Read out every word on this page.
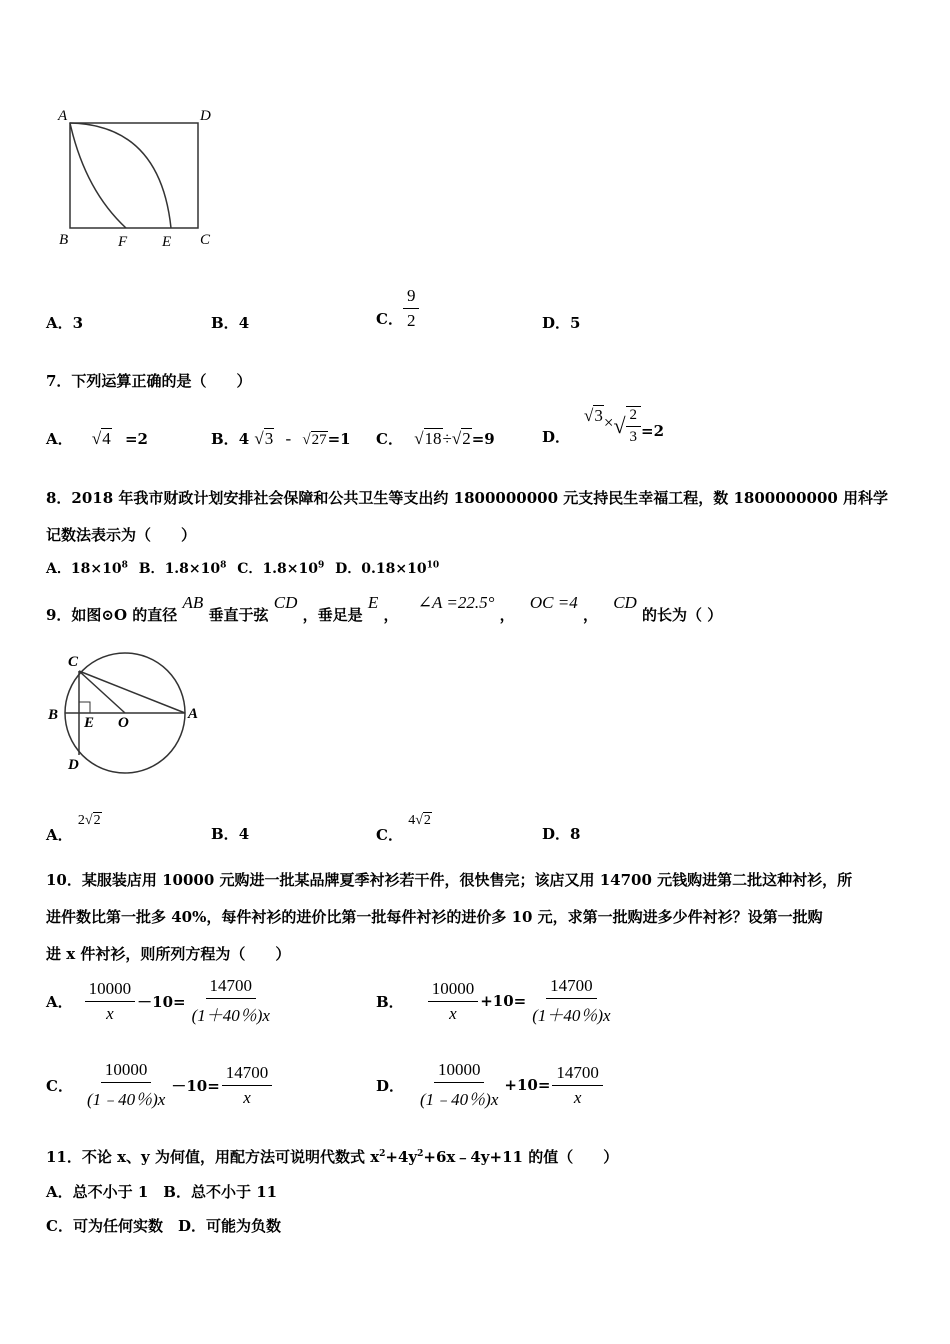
A	D
B	F E C
A．3	B．4	C． $\frac{9}{2}$	D．5
7．下列运算正确的是（　　）
A． √4 =2	B．4 √3 - √27=1 C． √18÷√2=9	D．
√3 × √ $\frac{2}{3} =2$
8．2018 年我市财政计划安排社会保障和公共卫生等支出约 1800000000 元支持民生幸福工程，数 1800000000 用科学
记数法表示为（　　）
A．$18\times 10^8$ B．$1.8\times 10^8$ C．$1.8\times 10^9$ D．$0.18\times 10^{10}$
9．如图⊙O 的直径 AB 垂直于弦 CD ，垂足是 E ， ∠A =22.5° ， OC =4 ， CD 的长为（ ）
C
B E O
A
D
A． 2√2
B．4	C． 4√2
D．8
10．某服装店用 10000 元购进一批某品牌夏季衬衫若干件，很快售完；该店又用 14700 元钱购进第二批这种衬衫，所
进件数比第一批多 40%，每件衬衫的进价比第一批每件衬衫的进价多 10 元，求第一批购进多少件衬衫？设第一批购
进 x 件衬衫，则所列方程为（　　）
A． $\frac{10000}{x} -10= \frac{14700}{(1+40\%)x}$	B． $\frac{10000}{x} +10= \frac{14700}{(1+40\%)x}$
C． $\frac{10000}{(1﹣40\%)x} -10= \frac{14700}{x}$	D． $\frac{10000}{(1﹣40\%)x} +10= \frac{14700}{x}$
11．不论 x、y 为何值，用配方法可说明代数式 $x^2+4y^2+6x﹣4y+11$ 的值（　　）
A．总不小于 1　B．总不小于 11
C．可为任何实数　D．可能为负数
